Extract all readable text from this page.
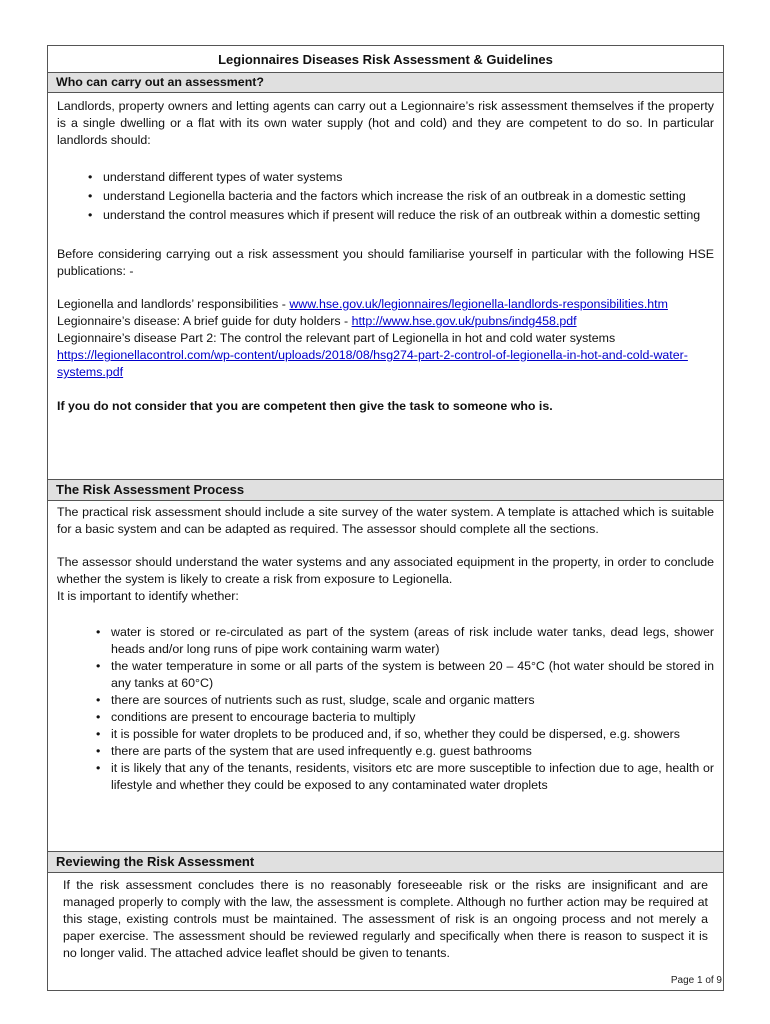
Legionnaires Diseases Risk Assessment & Guidelines
Who can carry out an assessment?

Landlords, property owners and letting agents can carry out a Legionnaire’s risk assessment themselves if the property is a single dwelling or a flat with its own water supply (hot and cold) and they are competent to do so. In particular landlords should:

• understand different types of water systems
• understand Legionella bacteria and the factors which increase the risk of an outbreak in a domestic setting
• understand the control measures which if present will reduce the risk of an outbreak within a domestic setting

Before considering carrying out a risk assessment you should familiarise yourself in particular with the following HSE publications: -

Legionella and landlords’ responsibilities - www.hse.gov.uk/legionnaires/legionella-landlords-responsibilities.htm

Legionnaire’s disease: A brief guide for duty holders - http://www.hse.gov.uk/pubns/indg458.pdf

Legionnaire’s disease Part 2: The control the relevant part of Legionella in hot and cold water systems
https://legionellacontrol.com/wp-content/uploads/2018/08/hsg274-part-2-control-of-legionella-in-hot-and-cold-water- systems.pdf

If you do not consider that you are competent then give the task to someone who is.

The Risk Assessment Process

The practical risk assessment should include a site survey of the water system. A template is attached which is suitable for a basic system and can be adapted as required. The assessor should complete all the sections.

The assessor should understand the water systems and any associated equipment in the property, in order to conclude whether the system is likely to create a risk from exposure to Legionella.

It is important to identify whether:

• water is stored or re-circulated as part of the system (areas of risk include water tanks, dead legs, shower heads and/or long runs of pipe work containing warm water)
• the water temperature in some or all parts of the system is between 20 – 45°C (hot water should be stored in any tanks at 60°C)
• there are sources of nutrients such as rust, sludge, scale and organic matters
• conditions are present to encourage bacteria to multiply
• it is possible for water droplets to be produced and, if so, whether they could be dispersed, e.g. showers
• there are parts of the system that are used infrequently e.g. guest bathrooms
• it is likely that any of the tenants, residents, visitors etc are more susceptible to infection due to age, health or lifestyle and whether they could be exposed to any contaminated water droplets
Reviewing the Risk Assessment

If the risk assessment concludes there is no reasonably foreseeable risk or the risks are insignificant and are managed properly to comply with the law, the assessment is complete. Although no further action may be required at this stage, existing controls must be maintained. The assessment of risk is an ongoing process and not merely a paper exercise. The assessment should be reviewed regularly and specifically when there is reason to suspect it is no longer valid. The attached advice leaflet should be given to tenants.

Page 1 of 9
